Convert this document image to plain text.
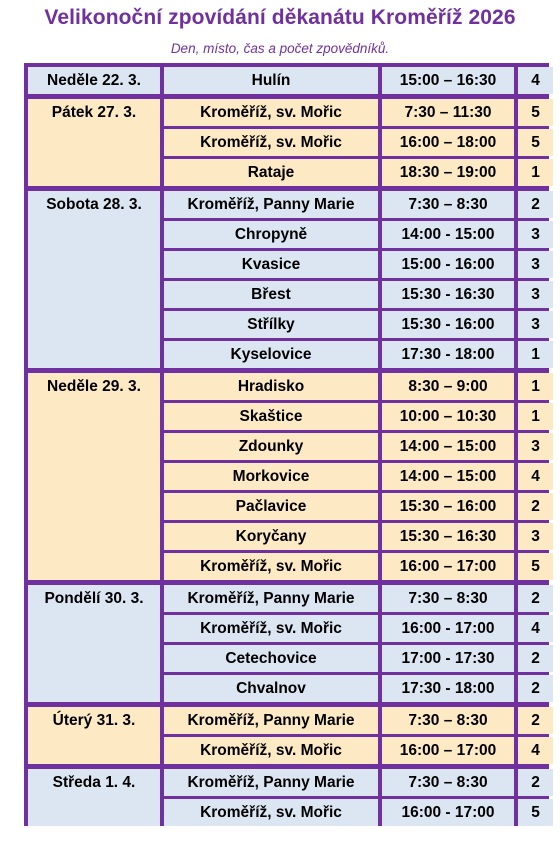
Velikonoční zpovídání děkanátu Kroměříž 2026
Den, místo, čas a počet zpovědníků.
Neděle 22. 3.	Hulín	15:00 – 16:30	4
Pátek 27. 3.	Kroměříž, sv. Mořic	7:30 – 11:30	5
Kroměříž, sv. Mořic	16:00 – 18:00	5
Rataje	18:30 – 19:00	1
Sobota 28. 3.	Kroměříž, Panny Marie	7:30 – 8:30	2
Chropyně	14:00 - 15:00	3
Kvasice	15:00 - 16:00	3
Břest	15:30 - 16:30	3
Střílky	15:30 - 16:00	3
Kyselovice	17:30 - 18:00	1
Neděle 29. 3.	Hradisko	8:30 – 9:00	1
Skaštice	10:00 – 10:30	1
Zdounky	14:00 – 15:00	3
Morkovice	14:00 – 15:00	4
Pačlavice	15:30 – 16:00	2
Koryčany	15:30 – 16:30	3
Kroměříž, sv. Mořic	16:00 – 17:00	5
Pondělí 30. 3.	Kroměříž, Panny Marie	7:30 – 8:30	2
Kroměříž, sv. Mořic	16:00 - 17:00	4
Cetechovice	17:00 - 17:30	2
Chvalnov	17:30 - 18:00	2
Úterý 31. 3.	Kroměříž, Panny Marie	7:30 – 8:30	2
Kroměříž, sv. Mořic	16:00 – 17:00	4
Středa 1. 4.	Kroměříž, Panny Marie	7:30 – 8:30	2
Kroměříž, sv. Mořic	16:00 - 17:00	5
